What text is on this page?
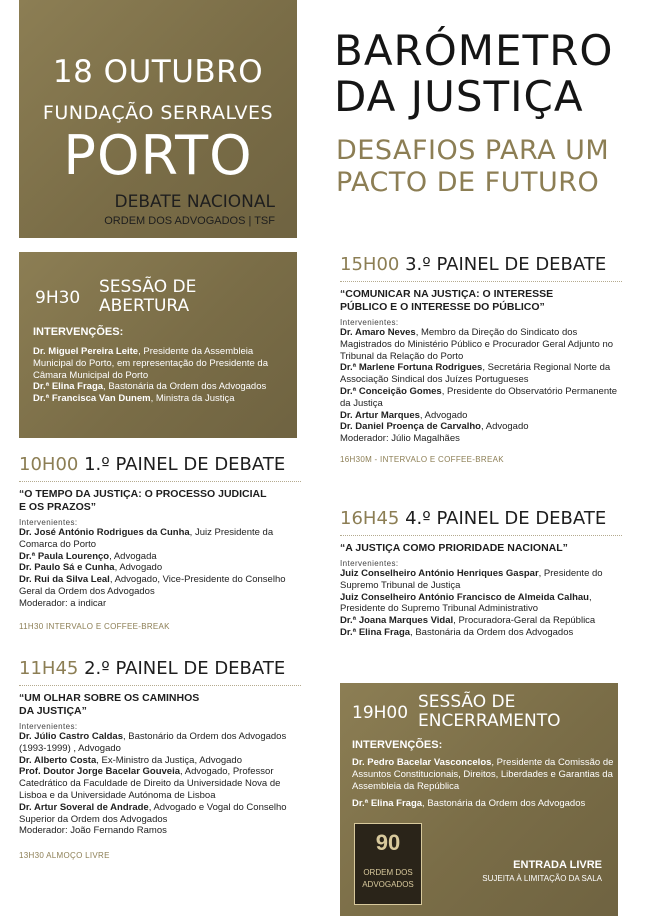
18 OUTUBRO
FUNDAÇÃO SERRALVES
PORTO
DEBATE NACIONAL
ORDEM DOS ADVOGADOS | TSF
BARÓMETRO
DA JUSTIÇA
DESAFIOS PARA UM
PACTO DE FUTURO
9H30
SESSÃO DE
ABERTURA
INTERVENÇÕES:
Dr. Miguel Pereira Leite, Presidente da Assembleia Municipal do Porto, em representação do Presidente da Câmara Municipal do Porto
Dr.ª Elina Fraga, Bastonária da Ordem dos Advogados
Dr.ª Francisca Van Dunem, Ministra da Justiça
10H00 1.º PAINEL DE DEBATE
“O TEMPO DA JUSTIÇA: O PROCESSO JUDICIAL
E OS PRAZOS”
Intervenientes:
Dr. José António Rodrigues da Cunha, Juiz Presidente da Comarca do Porto
Dr.ª Paula Lourenço, Advogada
Dr. Paulo Sá e Cunha, Advogado
Dr. Rui da Silva Leal, Advogado, Vice-Presidente do Conselho Geral da Ordem dos Advogados
Moderador: a indicar
11H30 INTERVALO E COFFEE-BREAK
11H45 2.º PAINEL DE DEBATE
“UM OLHAR SOBRE OS CAMINHOS
DA JUSTIÇA”
Intervenientes:
Dr. Júlio Castro Caldas, Bastonário da Ordem dos Advogados (1993-1999) , Advogado
Dr. Alberto Costa, Ex-Ministro da Justiça, Advogado
Prof. Doutor Jorge Bacelar Gouveia, Advogado, Professor Catedrático da Faculdade de Direito da Universidade Nova de Lisboa e da Universidade Autónoma de Lisboa
Dr. Artur Soveral de Andrade, Advogado e Vogal do Conselho Superior da Ordem dos Advogados
Moderador: João Fernando Ramos
13H30 ALMOÇO LIVRE
15H00 3.º PAINEL DE DEBATE
“COMUNICAR NA JUSTIÇA: O INTERESSE
PÚBLICO E O INTERESSE DO PÚBLICO”
Intervenientes:
Dr. Amaro Neves, Membro da Direção do Sindicato dos Magistrados do Ministério Público e Procurador Geral Adjunto no Tribunal da Relação do Porto
Dr.ª Marlene Fortuna Rodrigues, Secretária Regional Norte da Associação Sindical dos Juízes Portugueses
Dr.ª Conceição Gomes, Presidente do Observatório Permanente da Justiça
Dr. Artur Marques, Advogado
Dr. Daniel Proença de Carvalho, Advogado
Moderador: Júlio Magalhães
16H30M - INTERVALO E COFFEE-BREAK
16H45 4.º PAINEL DE DEBATE
“A JUSTIÇA COMO PRIORIDADE NACIONAL”
Intervenientes:
Juiz Conselheiro António Henriques Gaspar, Presidente do Supremo Tribunal de Justiça
Juiz Conselheiro António Francisco de Almeida Calhau, Presidente do Supremo Tribunal Administrativo
Dr.ª Joana Marques Vidal, Procuradora-Geral da República
Dr.ª Elina Fraga, Bastonária da Ordem dos Advogados
19H00
SESSÃO DE
ENCERRAMENTO
INTERVENÇÕES:
Dr. Pedro Bacelar Vasconcelos, Presidente da Comissão de Assuntos Constitucionais, Direitos, Liberdades e Garantias da Assembleia da República
Dr.ª Elina Fraga, Bastonária da Ordem dos Advogados
90
ORDEM DOS
ADVOGADOS
ENTRADA LIVRE
SUJEITA À LIMITAÇÃO DA SALA
